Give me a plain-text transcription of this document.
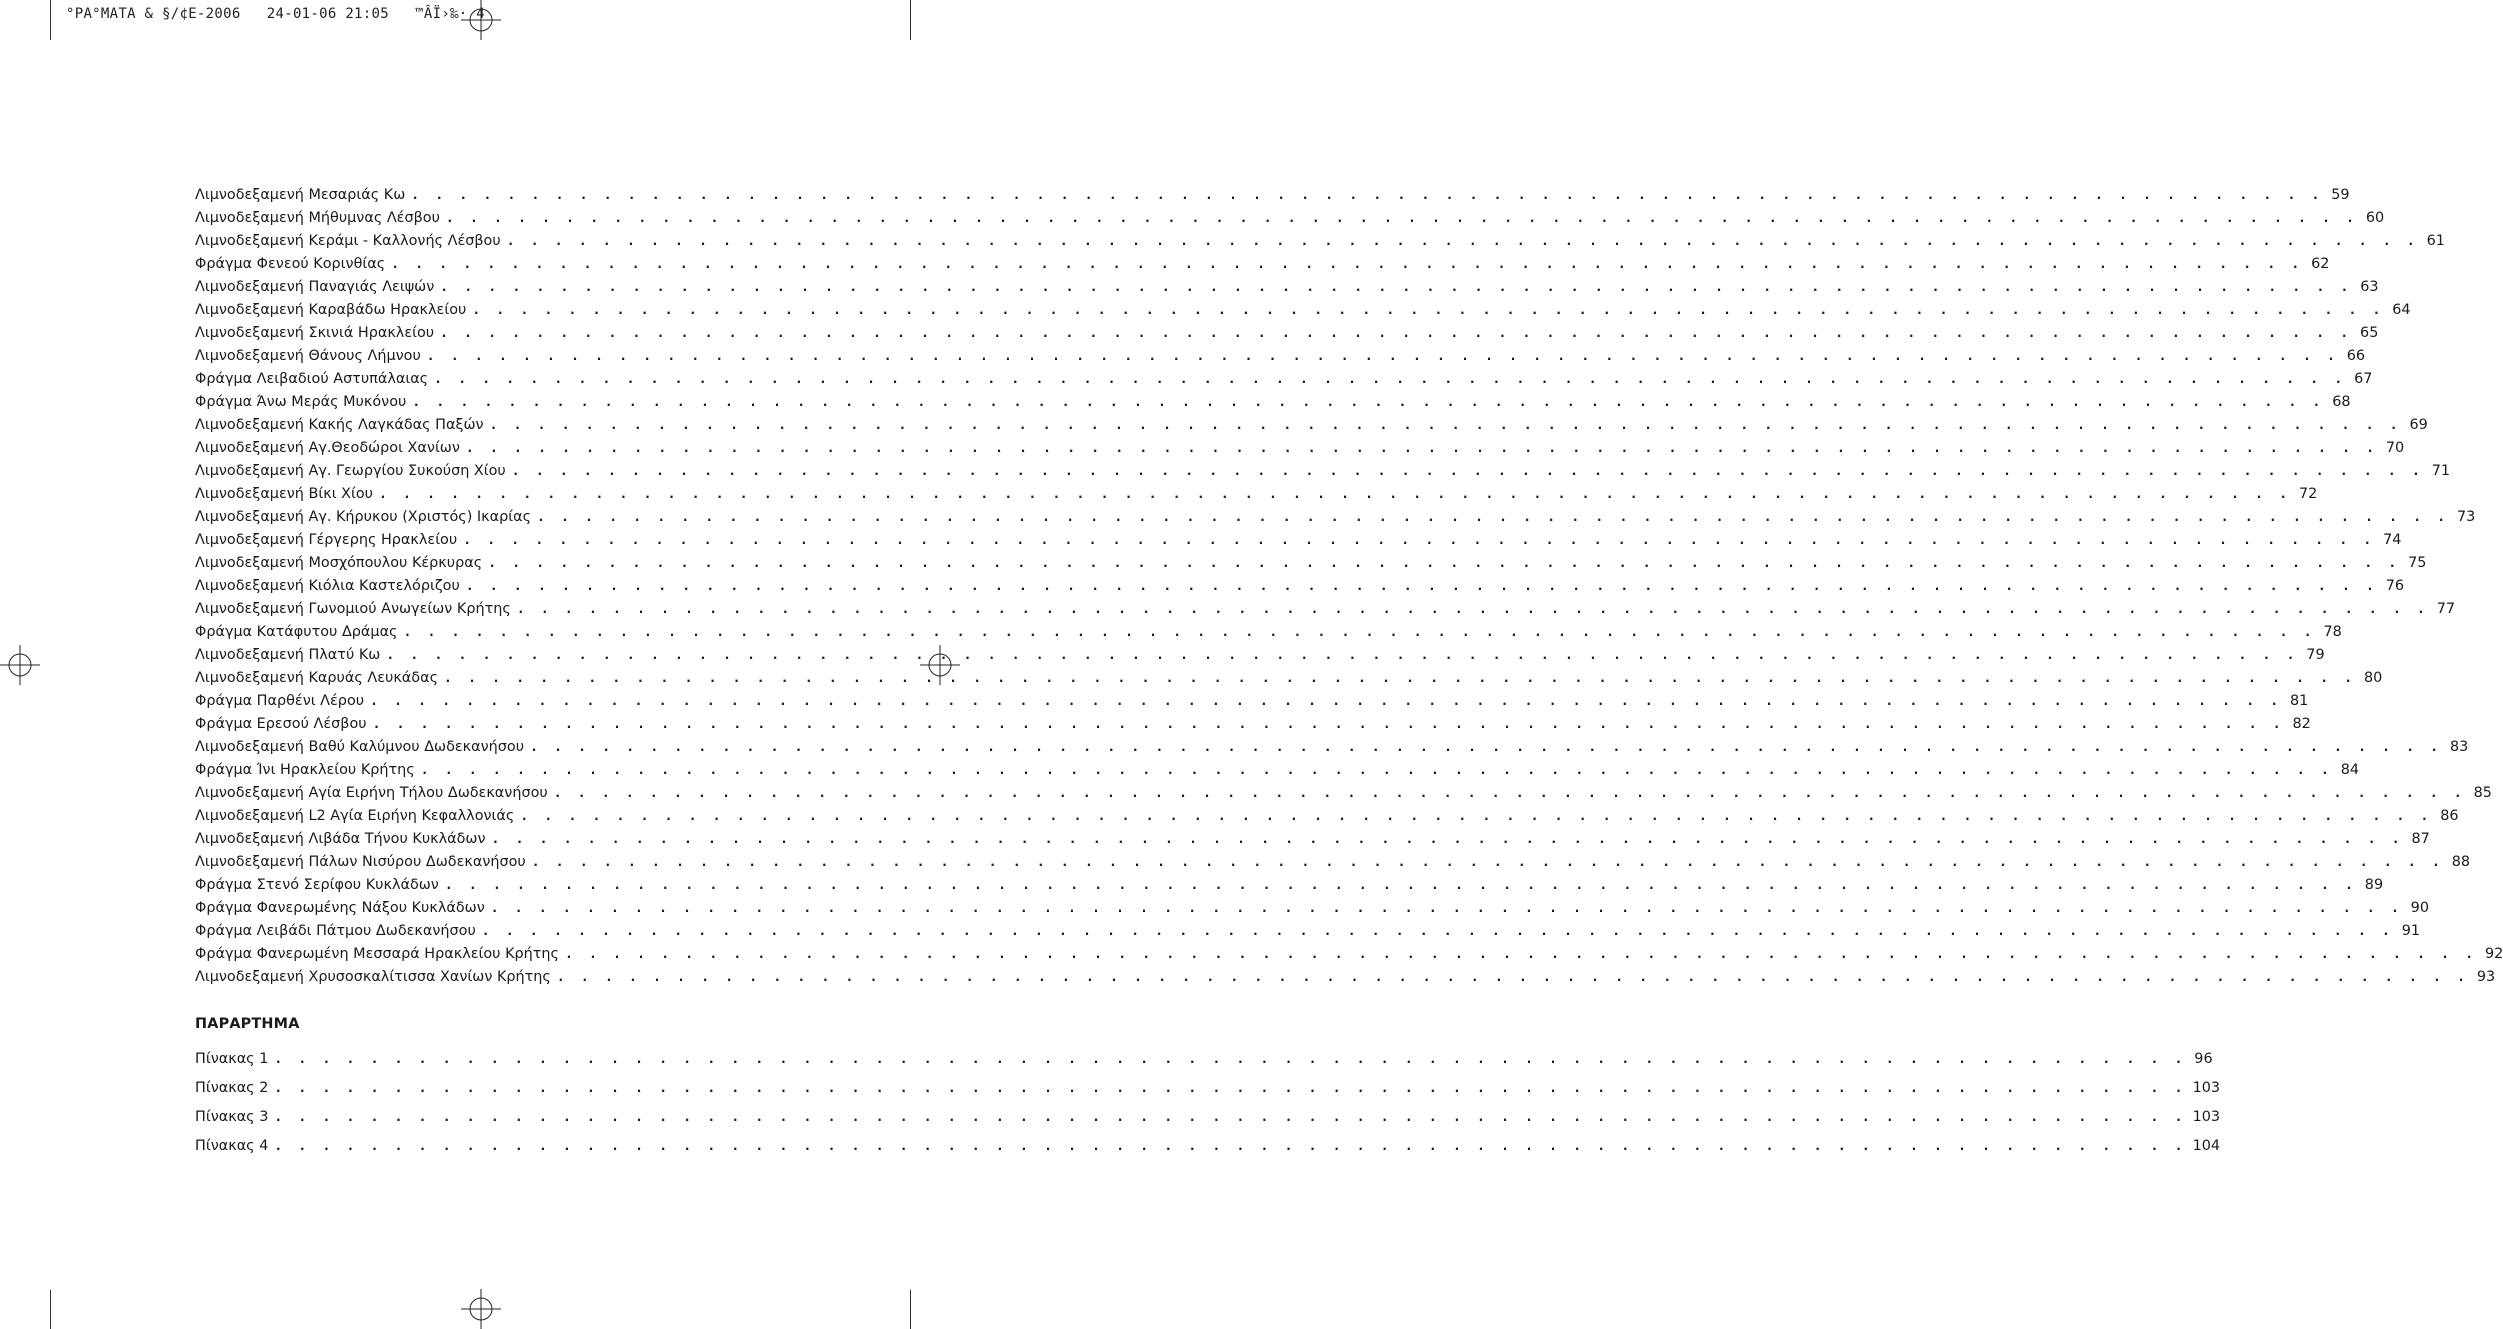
°PA°MATA & §/¢E-2006   24-01-06 21:05   ™ÂÏ›‰· 4
Λιμνοδεξαμενή Μεσαριάς Κω . . . . . . . . . . . . . . . . . . . . . . . . . . . . . . . . . . . . . . . . . . . . . . . . . . . . . . . . . . . . . . . . . . . . . . . . . . . . . . . . 59
Λιμνοδεξαμενή Μήθυμνας Λέσβου . . . . . . . . . . . . . . . . . . . . . . . . . . . . . . . . . . . . . . . . . . . . . . . . . . . . . . . . . . . . . . . . . . . . . . . . . . . . . . . . 60
Λιμνοδεξαμενή Κεράμι - Καλλονής Λέσβου . . . . . . . . . . . . . . . . . . . . . . . . . . . . . . . . . . . . . . . . . . . . . . . . . . . . . . . . . . . . . . . . . . . . . . . . . . . . . . . . 61
Φράγμα Φενεού Κορινθίας . . . . . . . . . . . . . . . . . . . . . . . . . . . . . . . . . . . . . . . . . . . . . . . . . . . . . . . . . . . . . . . . . . . . . . . . . . . . . . . . 62
Λιμνοδεξαμενή Παναγιάς Λειψών . . . . . . . . . . . . . . . . . . . . . . . . . . . . . . . . . . . . . . . . . . . . . . . . . . . . . . . . . . . . . . . . . . . . . . . . . . . . . . . . 63
Λιμνοδεξαμενή Καραβάδω Ηρακλείου . . . . . . . . . . . . . . . . . . . . . . . . . . . . . . . . . . . . . . . . . . . . . . . . . . . . . . . . . . . . . . . . . . . . . . . . . . . . . . . . 64
Λιμνοδεξαμενή Σκινιά Ηρακλείου . . . . . . . . . . . . . . . . . . . . . . . . . . . . . . . . . . . . . . . . . . . . . . . . . . . . . . . . . . . . . . . . . . . . . . . . . . . . . . . . 65
Λιμνοδεξαμενή Θάνους Λήμνου . . . . . . . . . . . . . . . . . . . . . . . . . . . . . . . . . . . . . . . . . . . . . . . . . . . . . . . . . . . . . . . . . . . . . . . . . . . . . . . . 66
Φράγμα Λειβαδιού Αστυπάλαιας . . . . . . . . . . . . . . . . . . . . . . . . . . . . . . . . . . . . . . . . . . . . . . . . . . . . . . . . . . . . . . . . . . . . . . . . . . . . . . . . 67
Φράγμα Άνω Μεράς Μυκόνου . . . . . . . . . . . . . . . . . . . . . . . . . . . . . . . . . . . . . . . . . . . . . . . . . . . . . . . . . . . . . . . . . . . . . . . . . . . . . . . . 68
Λιμνοδεξαμενή Κακής Λαγκάδας Παξών . . . . . . . . . . . . . . . . . . . . . . . . . . . . . . . . . . . . . . . . . . . . . . . . . . . . . . . . . . . . . . . . . . . . . . . . . . . . . . . . 69
Λιμνοδεξαμενή Αγ.Θεοδώροι Χανίων . . . . . . . . . . . . . . . . . . . . . . . . . . . . . . . . . . . . . . . . . . . . . . . . . . . . . . . . . . . . . . . . . . . . . . . . . . . . . . . . 70
Λιμνοδεξαμενή Αγ. Γεωργίου Συκούση Χίου . . . . . . . . . . . . . . . . . . . . . . . . . . . . . . . . . . . . . . . . . . . . . . . . . . . . . . . . . . . . . . . . . . . . . . . . . . . . . . . . 71
Λιμνοδεξαμενή Βίκι Χίου . . . . . . . . . . . . . . . . . . . . . . . . . . . . . . . . . . . . . . . . . . . . . . . . . . . . . . . . . . . . . . . . . . . . . . . . . . . . . . . . 72
Λιμνοδεξαμενή Αγ. Κήρυκου (Χριστός) Ικαρίας . . . . . . . . . . . . . . . . . . . . . . . . . . . . . . . . . . . . . . . . . . . . . . . . . . . . . . . . . . . . . . . . . . . . . . . . . . . . . . . . 73
Λιμνοδεξαμενή Γέργερης Ηρακλείου . . . . . . . . . . . . . . . . . . . . . . . . . . . . . . . . . . . . . . . . . . . . . . . . . . . . . . . . . . . . . . . . . . . . . . . . . . . . . . . . 74
Λιμνοδεξαμενή Μοσχόπουλου Κέρκυρας . . . . . . . . . . . . . . . . . . . . . . . . . . . . . . . . . . . . . . . . . . . . . . . . . . . . . . . . . . . . . . . . . . . . . . . . . . . . . . . . 75
Λιμνοδεξαμενή Κιόλια Καστελόριζου . . . . . . . . . . . . . . . . . . . . . . . . . . . . . . . . . . . . . . . . . . . . . . . . . . . . . . . . . . . . . . . . . . . . . . . . . . . . . . . . 76
Λιμνοδεξαμενή Γωνομιού Ανωγείων Κρήτης . . . . . . . . . . . . . . . . . . . . . . . . . . . . . . . . . . . . . . . . . . . . . . . . . . . . . . . . . . . . . . . . . . . . . . . . . . . . . . . . 77
Φράγμα Κατάφυτου Δράμας . . . . . . . . . . . . . . . . . . . . . . . . . . . . . . . . . . . . . . . . . . . . . . . . . . . . . . . . . . . . . . . . . . . . . . . . . . . . . . . . 78
Λιμνοδεξαμενή Πλατύ Κω . . . . . . . . . . . . . . . . . . . . . . . . . . . . . . . . . . . . . . . . . . . . . . . . . . . . . . . . . . . . . . . . . . . . . . . . . . . . . . . . 79
Λιμνοδεξαμενή Καρυάς Λευκάδας . . . . . . . . . . . . . . . . . . . . . . . . . . . . . . . . . . . . . . . . . . . . . . . . . . . . . . . . . . . . . . . . . . . . . . . . . . . . . . . . 80
Φράγμα Παρθένι Λέρου . . . . . . . . . . . . . . . . . . . . . . . . . . . . . . . . . . . . . . . . . . . . . . . . . . . . . . . . . . . . . . . . . . . . . . . . . . . . . . . . 81
Φράγμα Ερεσού Λέσβου . . . . . . . . . . . . . . . . . . . . . . . . . . . . . . . . . . . . . . . . . . . . . . . . . . . . . . . . . . . . . . . . . . . . . . . . . . . . . . . . 82
Λιμνοδεξαμενή Βαθύ Καλύμνου Δωδεκανήσου . . . . . . . . . . . . . . . . . . . . . . . . . . . . . . . . . . . . . . . . . . . . . . . . . . . . . . . . . . . . . . . . . . . . . . . . . . . . . . . . 83
Φράγμα Ίνι Ηρακλείου Κρήτης . . . . . . . . . . . . . . . . . . . . . . . . . . . . . . . . . . . . . . . . . . . . . . . . . . . . . . . . . . . . . . . . . . . . . . . . . . . . . . . . 84
Λιμνοδεξαμενή Αγία Ειρήνη Τήλου Δωδεκανήσου . . . . . . . . . . . . . . . . . . . . . . . . . . . . . . . . . . . . . . . . . . . . . . . . . . . . . . . . . . . . . . . . . . . . . . . . . . . . . . . . 85
Λιμνοδεξαμενή L2 Αγία Ειρήνη Κεφαλλονιάς . . . . . . . . . . . . . . . . . . . . . . . . . . . . . . . . . . . . . . . . . . . . . . . . . . . . . . . . . . . . . . . . . . . . . . . . . . . . . . . . 86
Λιμνοδεξαμενή Λιβάδα Τήνου Κυκλάδων . . . . . . . . . . . . . . . . . . . . . . . . . . . . . . . . . . . . . . . . . . . . . . . . . . . . . . . . . . . . . . . . . . . . . . . . . . . . . . . . 87
Λιμνοδεξαμενή Πάλων Νισύρου Δωδεκανήσου . . . . . . . . . . . . . . . . . . . . . . . . . . . . . . . . . . . . . . . . . . . . . . . . . . . . . . . . . . . . . . . . . . . . . . . . . . . . . . . . 88
Φράγμα Στενό Σερίφου Κυκλάδων . . . . . . . . . . . . . . . . . . . . . . . . . . . . . . . . . . . . . . . . . . . . . . . . . . . . . . . . . . . . . . . . . . . . . . . . . . . . . . . . 89
Φράγμα Φανερωμένης Νάξου Κυκλάδων . . . . . . . . . . . . . . . . . . . . . . . . . . . . . . . . . . . . . . . . . . . . . . . . . . . . . . . . . . . . . . . . . . . . . . . . . . . . . . . . 90
Φράγμα Λειβάδι Πάτμου Δωδεκανήσου . . . . . . . . . . . . . . . . . . . . . . . . . . . . . . . . . . . . . . . . . . . . . . . . . . . . . . . . . . . . . . . . . . . . . . . . . . . . . . . . 91
Φράγμα Φανερωμένη Μεσσαρά Ηρακλείου Κρήτης . . . . . . . . . . . . . . . . . . . . . . . . . . . . . . . . . . . . . . . . . . . . . . . . . . . . . . . . . . . . . . . . . . . . . . . . . . . . . . . . 92
Λιμνοδεξαμενή Χρυσοσκαλίτισσα Χανίων Κρήτης . . . . . . . . . . . . . . . . . . . . . . . . . . . . . . . . . . . . . . . . . . . . . . . . . . . . . . . . . . . . . . . . . . . . . . . . . . . . . . . . 93
ΠΑΡΑΡΤΗΜΑ
Πίνακας 1 . . . . . . . . . . . . . . . . . . . . . . . . . . . . . . . . . . . . . . . . . . . . . . . . . . . . . . . . . . . . . . . . . . . . . . . . . . . . . . . . 96
Πίνακας 2 . . . . . . . . . . . . . . . . . . . . . . . . . . . . . . . . . . . . . . . . . . . . . . . . . . . . . . . . . . . . . . . . . . . . . . . . . . . . . . . . 103
Πίνακας 3 . . . . . . . . . . . . . . . . . . . . . . . . . . . . . . . . . . . . . . . . . . . . . . . . . . . . . . . . . . . . . . . . . . . . . . . . . . . . . . . . 103
Πίνακας 4 . . . . . . . . . . . . . . . . . . . . . . . . . . . . . . . . . . . . . . . . . . . . . . . . . . . . . . . . . . . . . . . . . . . . . . . . . . . . . . . . 104
